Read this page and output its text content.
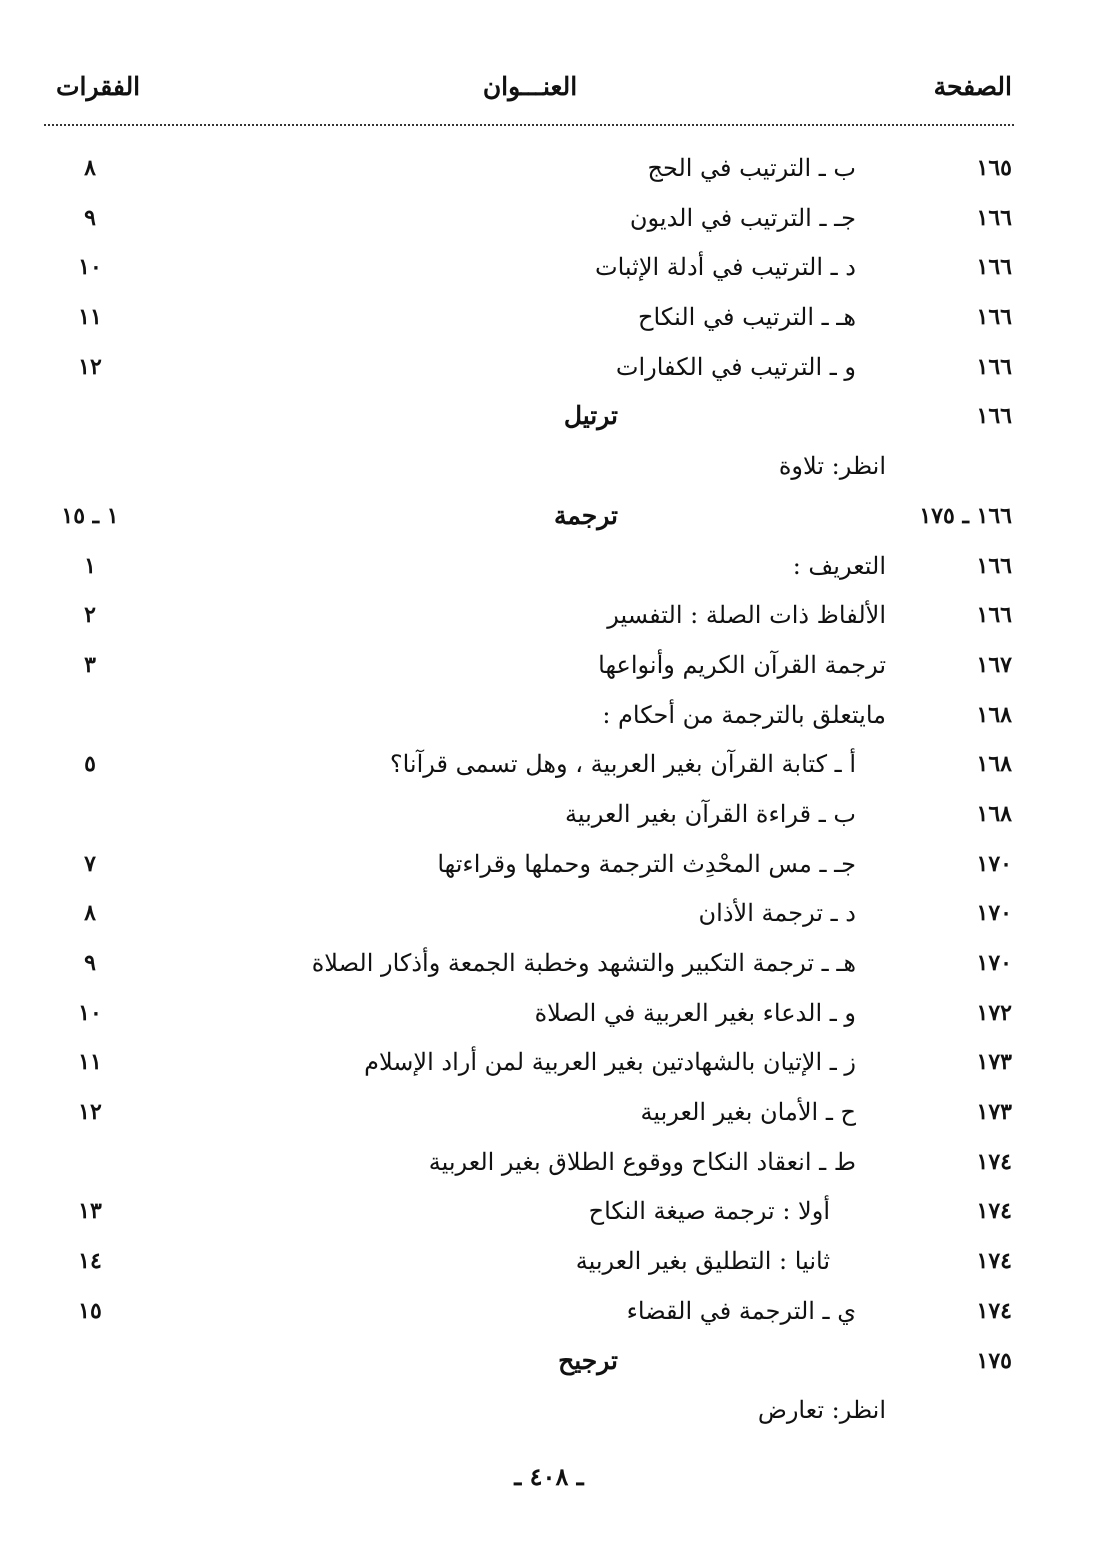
العنـــوان	الصفحة
الفقرات
١٦٥
ب ـ الترتيب في الحج
٨
١٦٦
جـ ـ الترتيب في الديون
٩
١٦٦
د ـ الترتيب في أدلة الإثبات
١٠
١٦٦
هـ ـ الترتيب في النكاح
١١
١٦٦
و ـ الترتيب في الكفارات
١٢
١٦٦
ترتيل
انظر: تلاوة
١٦٦ ـ ١٧٥
ترجمة
١ ـ ١٥
١٦٦
التعريف :
١
١٦٦
الألفاظ ذات الصلة : التفسير
٢
١٦٧
ترجمة القرآن الكريم وأنواعها
٣
١٦٨
مايتعلق بالترجمة من أحكام :
١٦٨
أ ـ كتابة القرآن بغير العربية ، وهل تسمى قرآنا؟
٥
١٦٨
ب ـ قراءة القرآن بغير العربية
١٧٠
جـ ـ مس المحْدِث الترجمة وحملها وقراءتها
٧
١٧٠
د ـ ترجمة الأذان
٨
١٧٠
هـ ـ ترجمة التكبير والتشهد وخطبة الجمعة وأذكار الصلاة
٩
١٧٢
و ـ الدعاء بغير العربية في الصلاة
١٠
١٧٣
ز ـ الإتيان بالشهادتين بغير العربية لمن أراد الإسلام
١١
١٧٣
ح ـ الأمان بغير العربية
١٢
١٧٤
ط ـ انعقاد النكاح ووقوع الطلاق بغير العربية
١٧٤
أولا : ترجمة صيغة النكاح
١٣
١٧٤
ثانيا : التطليق بغير العربية
١٤
١٧٤
ي ـ الترجمة في القضاء
١٥
١٧٥
ترجيح
انظر: تعارض
ـ ٤٠٨ ـ
